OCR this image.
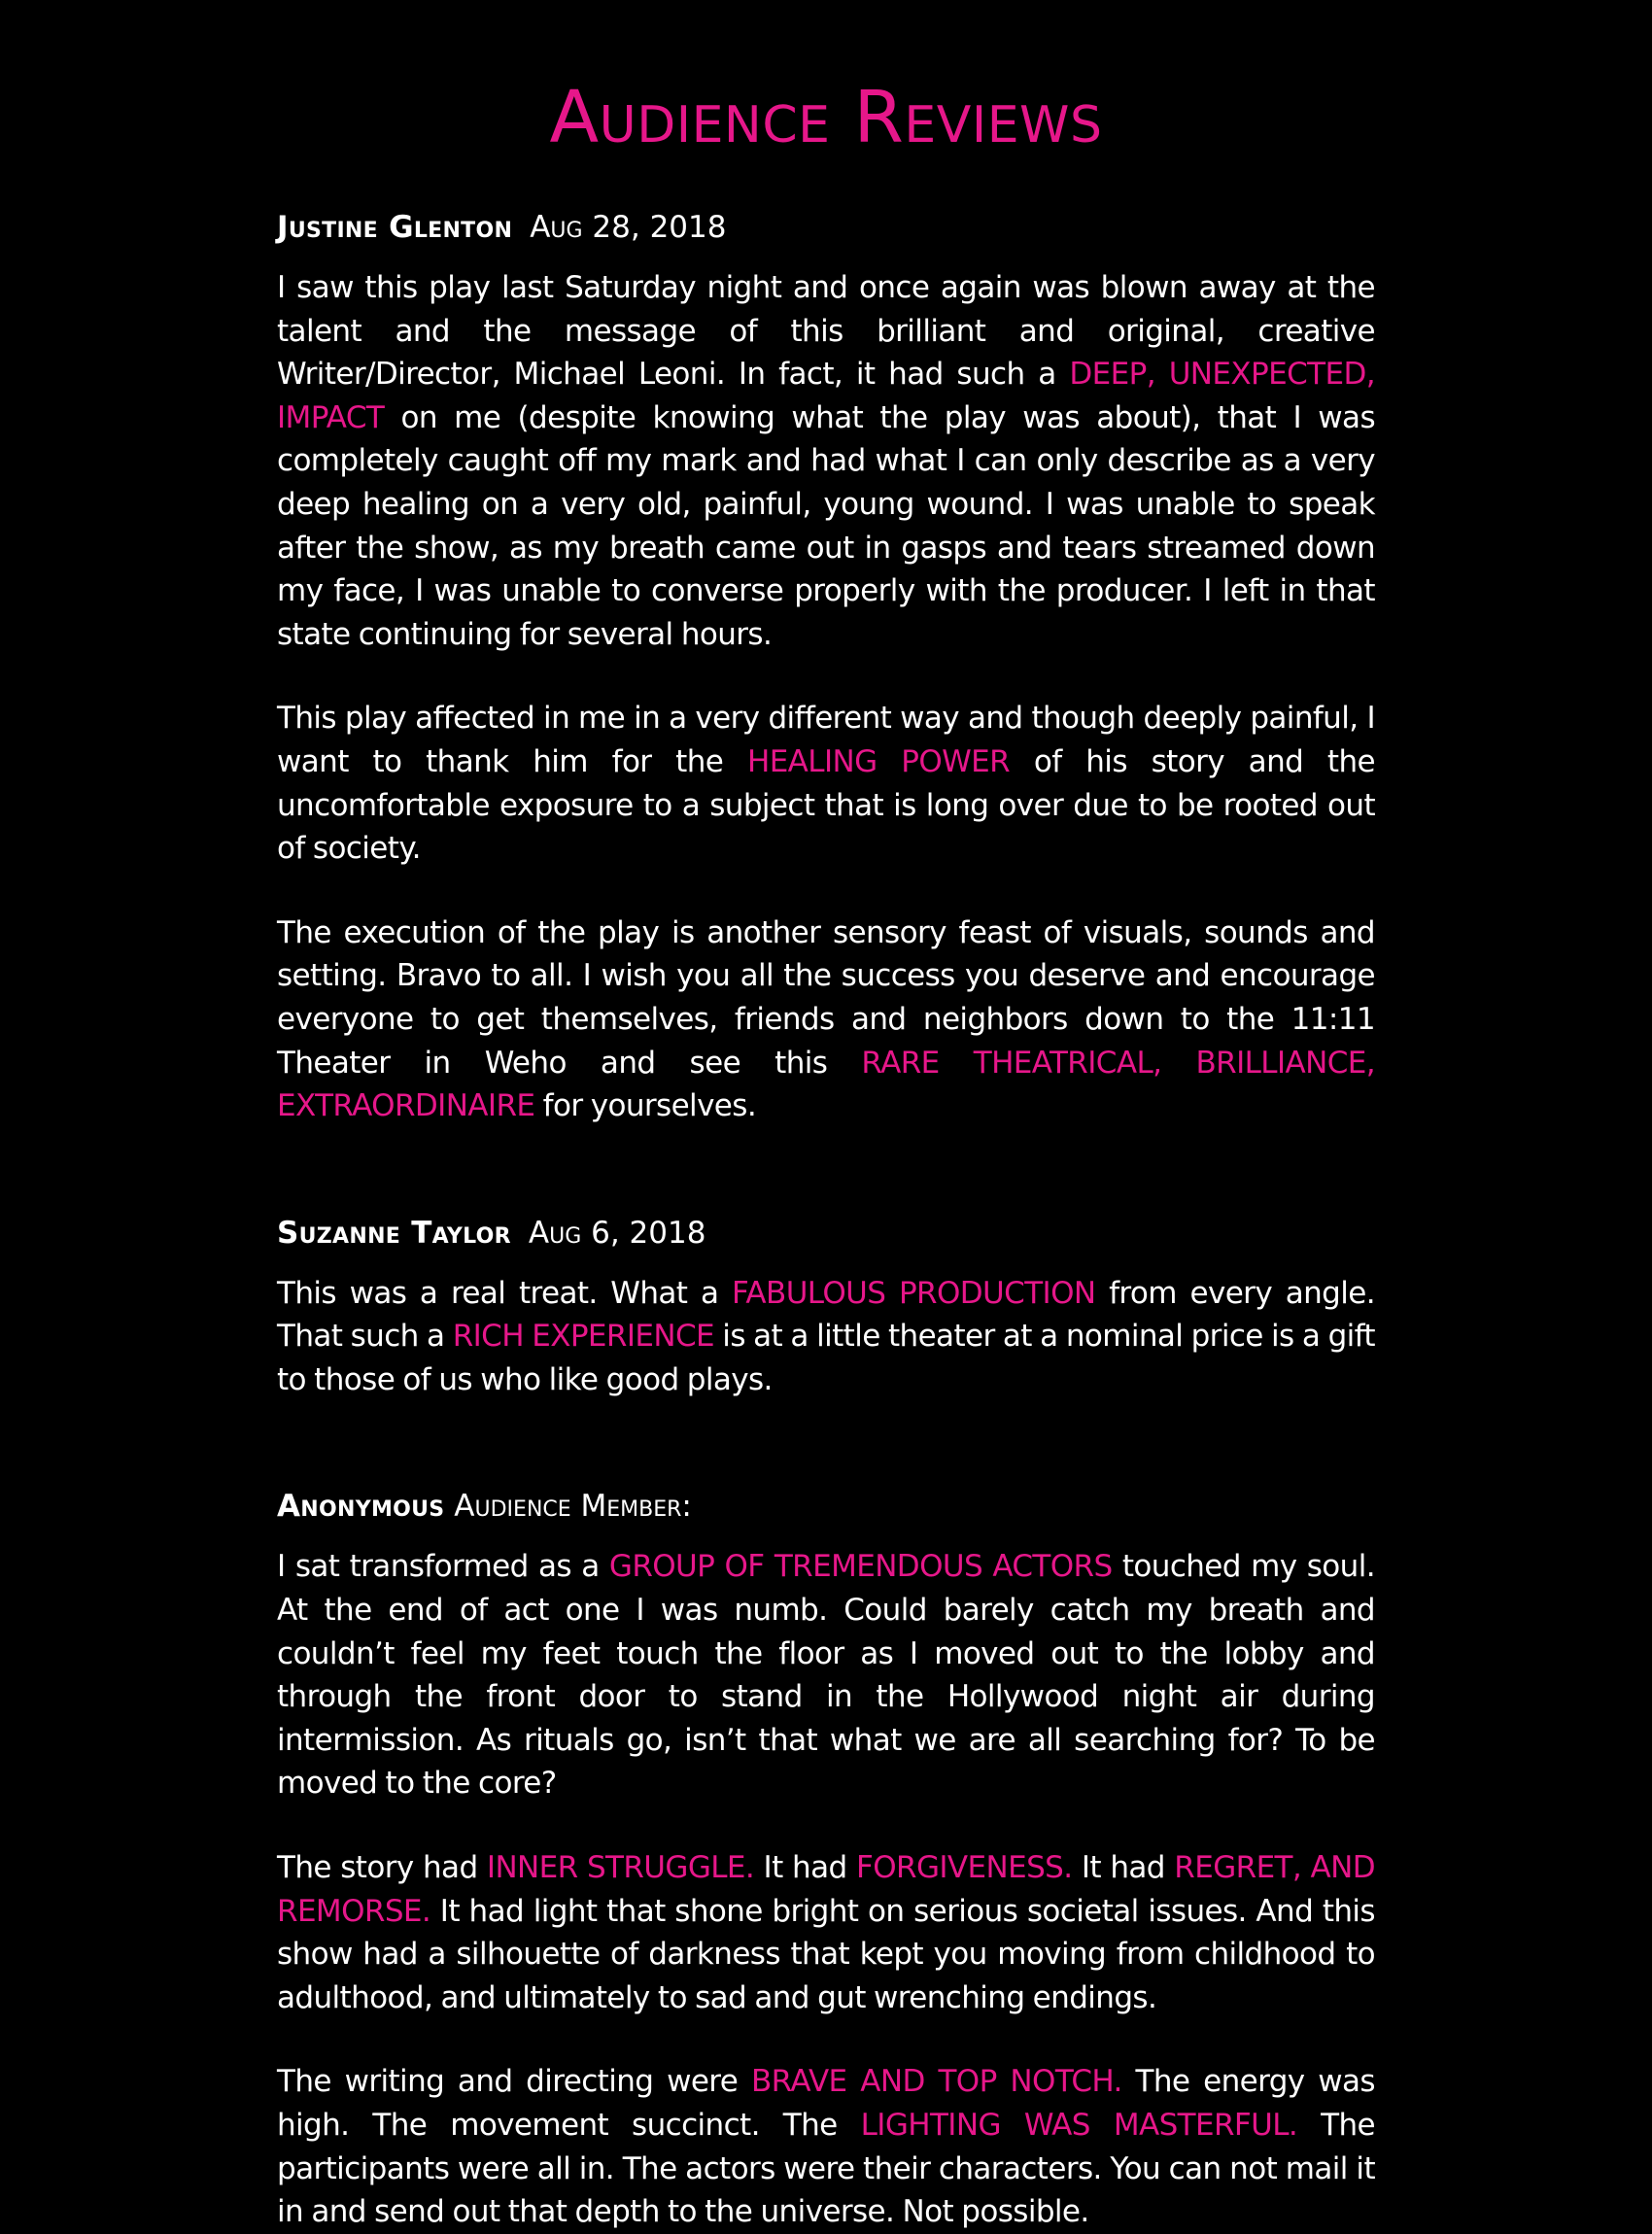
Audience Reviews
Justine Glenton Aug 28, 2018

I saw this play last Saturday night and once again was blown away at the talent and the message of this brilliant and original, creative Writer/Director, Michael Leoni. In fact, it had such a DEEP, UNEXPECTED, IMPACT on me (despite knowing what the play was about), that I was completely caught off my mark and had what I can only describe as a very deep healing on a very old, painful, young wound. I was unable to speak after the show, as my breath came out in gasps and tears streamed down my face, I was unable to converse properly with the producer. I left in that state continuing for several hours.

This play affected in me in a very different way and though deeply painful, I want to thank him for the HEALING POWER of his story and the uncomfortable exposure to a subject that is long over due to be rooted out of society.

The execution of the play is another sensory feast of visuals, sounds and setting. Bravo to all. I wish you all the success you deserve and encourage everyone to get themselves, friends and neighbors down to the 11:11 Theater in Weho and see this RARE THEATRICAL, BRILLIANCE, EXTRAORDINAIRE for yourselves.

Suzanne Taylor Aug 6, 2018

This was a real treat. What a FABULOUS PRODUCTION from every angle. That such a RICH EXPERIENCE is at a little theater at a nominal price is a gift to those of us who like good plays.

Anonymous Audience Member:

I sat transformed as a GROUP OF TREMENDOUS ACTORS touched my soul. At the end of act one I was numb. Could barely catch my breath and couldn’t feel my feet touch the floor as I moved out to the lobby and through the front door to stand in the Hollywood night air during intermission. As rituals go, isn’t that what we are all searching for? To be moved to the core?

The story had INNER STRUGGLE. It had FORGIVENESS. It had REGRET, AND REMORSE. It had light that shone bright on serious societal issues. And this show had a silhouette of darkness that kept you moving from childhood to adulthood, and ultimately to sad and gut wrenching endings.

The writing and directing were BRAVE AND TOP NOTCH. The energy was high. The movement succinct. The LIGHTING WAS MASTERFUL. The participants were all in. The actors were their characters. You can not mail it in and send out that depth to the universe. Not possible.
